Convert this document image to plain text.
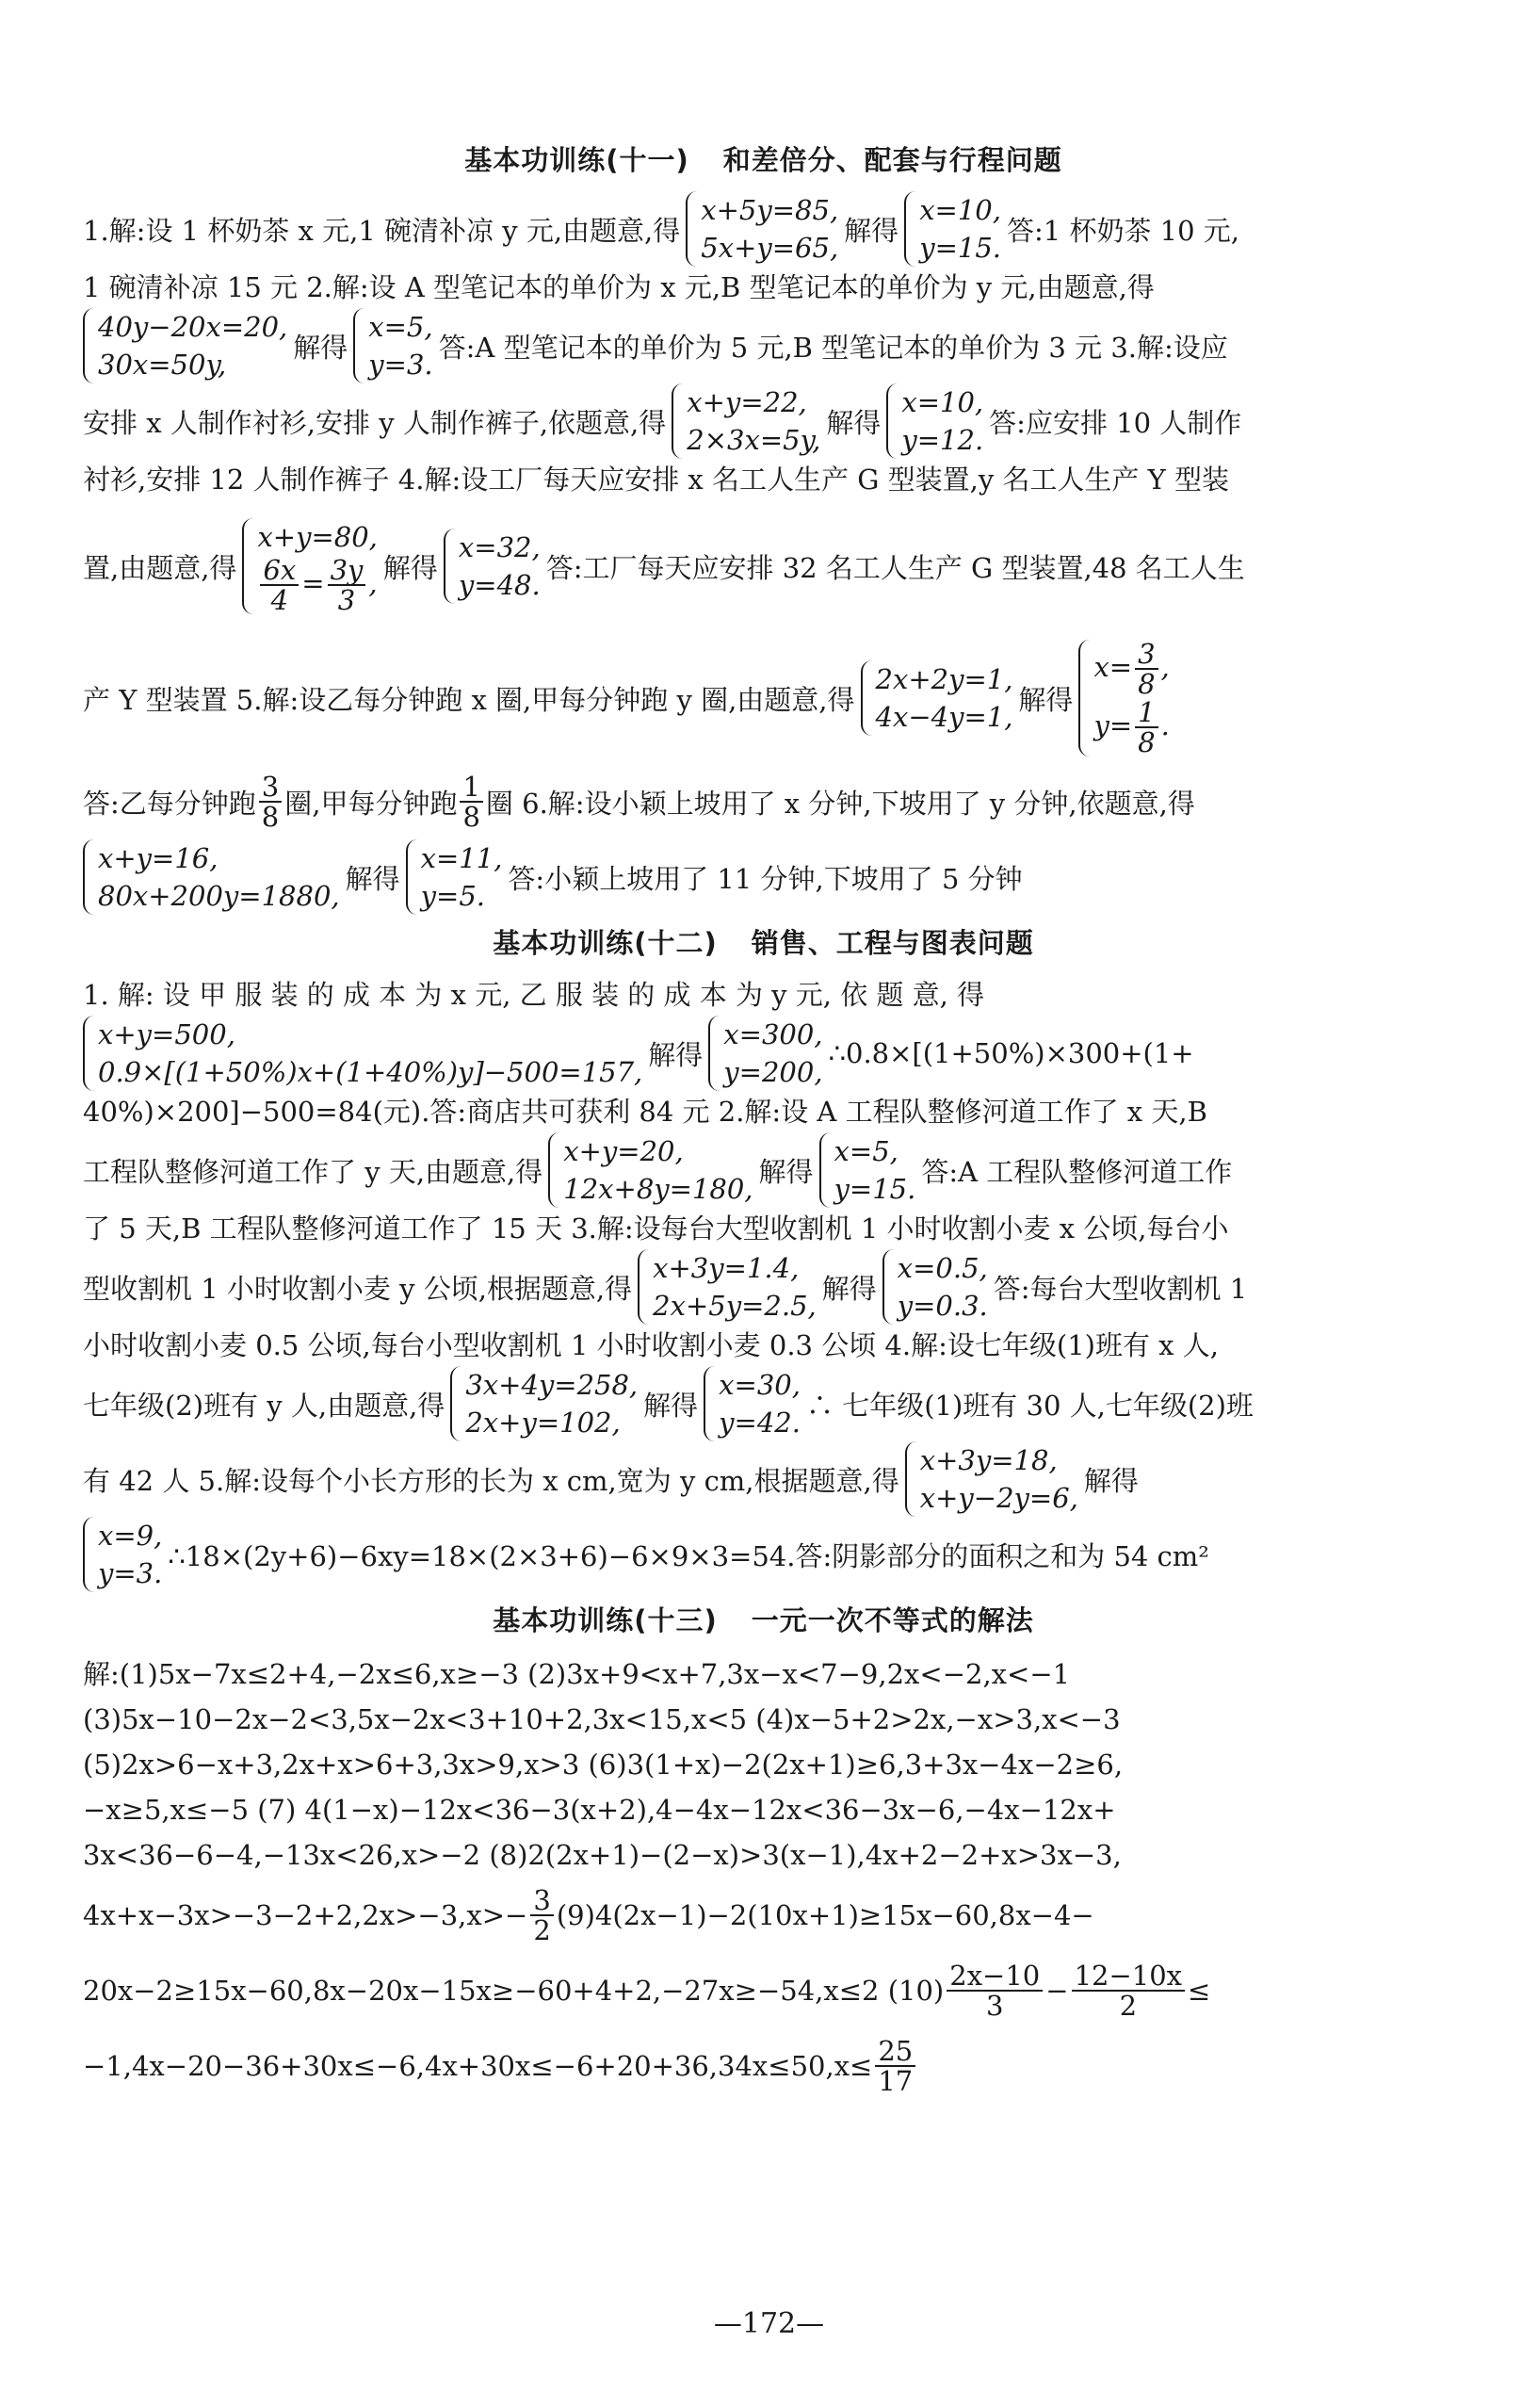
基本功训练(十一) 和差倍分、配套与行程问题
1.解:设 1 杯奶茶 x 元,1 碗清补凉 y 元,由题意,得
x+5y=85,
5x+y=65,
解得
x=10,
y=15.
答:1 杯奶茶 10 元,
1 碗清补凉 15 元 2.解:设 A 型笔记本的单价为 x 元,B 型笔记本的单价为 y 元,由题意,得
40y−20x=20,
30x=50y,
解得
x=5,
y=3.
答:A 型笔记本的单价为 5 元,B 型笔记本的单价为 3 元 3.解:设应
安排 x 人制作衬衫,安排 y 人制作裤子,依题意,得
x+y=22,
2×3x=5y,
解得
x=10,
y=12.
答:应安排 10 人制作
衬衫,安排 12 人制作裤子 4.解:设工厂每天应安排 x 名工人生产 G 型装置,y 名工人生产 Y 型装
置,由题意,得
x+y=80,
$\frac{6x}{4} = \frac{3y}{3}$ , 解得
x=32,
y=48.
答:工厂每天应安排 32 名工人生产 G 型装置,48 名工人生
产 Y 型装置 5.解:设乙每分钟跑 x 圈,甲每分钟跑 y 圈,由题意,得
2x+2y=1,
4x−4y=1,
解得
$x= \frac{3}{8}$ ,
$y= \frac{1}{8}$ .
答:乙每分钟跑 $\frac{3}{8}$ 圈,甲每分钟跑 $\frac{1}{8}$ 圈 6.解:设小颖上坡用了 x 分钟,下坡用了 y 分钟,依题意,得
x+y=16,
80x+200y=1880,
解得
x=11,
y=5.
答:小颖上坡用了 11 分钟,下坡用了 5 分钟
基本功训练(十二) 销售、工程与图表问题
1. 解: 设 甲 服 装 的 成 本 为 x 元, 乙 服 装 的 成 本 为 y 元, 依 题 意, 得
x+y=500,
0.9×[(1+50%)x+(1+40%)y]−500=157,
解得
x=300,
y=200,
∴0.8×[(1+50%)×300+(1+
40%)×200]−500=84(元).答:商店共可获利 84 元 2.解:设 A 工程队整修河道工作了 x 天,B
工程队整修河道工作了 y 天,由题意,得
x+y=20,
12x+8y=180,
解得
x=5,
y=15.
答:A 工程队整修河道工作
了 5 天,B 工程队整修河道工作了 15 天 3.解:设每台大型收割机 1 小时收割小麦 x 公顷,每台小
型收割机 1 小时收割小麦 y 公顷,根据题意,得
x+3y=1.4,
2x+5y=2.5,
解得
x=0.5,
y=0.3.
答:每台大型收割机 1
小时收割小麦 0.5 公顷,每台小型收割机 1 小时收割小麦 0.3 公顷 4.解:设七年级(1)班有 x 人,
七年级(2)班有 y 人,由题意,得
3x+4y=258,
2x+y=102,
解得
x=30,
y=42.
∴ 七年级(1)班有 30 人,七年级(2)班
有 42 人 5.解:设每个小长方形的长为 x cm,宽为 y cm,根据题意,得
x+3y=18,
x+y−2y=6,
解得
x=9,
y=3.
∴18×(2y+6)−6xy=18×(2×3+6)−6×9×3=54.答:阴影部分的面积之和为 54 cm²
基本功训练(十三) 一元一次不等式的解法
解:(1)5x−7x≤2+4,−2x≤6,x≥−3 (2)3x+9<x+7,3x−x<7−9,2x<−2,x<−1
(3)5x−10−2x−2<3,5x−2x<3+10+2,3x<15,x<5 (4)x−5+2>2x,−x>3,x<−3
(5)2x>6−x+3,2x+x>6+3,3x>9,x>3 (6)3(1+x)−2(2x+1)≥6,3+3x−4x−2≥6,
−x≥5,x≤−5 (7) 4(1−x)−12x<36−3(x+2),4−4x−12x<36−3x−6,−4x−12x+
3x<36−6−4,−13x<26,x>−2 (8)2(2x+1)−(2−x)>3(x−1),4x+2−2+x>3x−3,
$4x+x-3x>-3-2+2,2x>-3,x>- \frac{3}{2} (9)4(2x-1)-2(10x+1)\ge 15x-60,8x-4-$
20x−2≥15x−60,8x−20x−15x≥−60+4+2,−27x≥−54,x≤2 $(10) \frac{2x-10}{3} - \frac{12-10x}{2}$ ≤
$-1,4x-20-36+30x\le-6,4x+30x\le-6+20+36,34x\le 50,x\le \frac{25}{17}$
—172—
